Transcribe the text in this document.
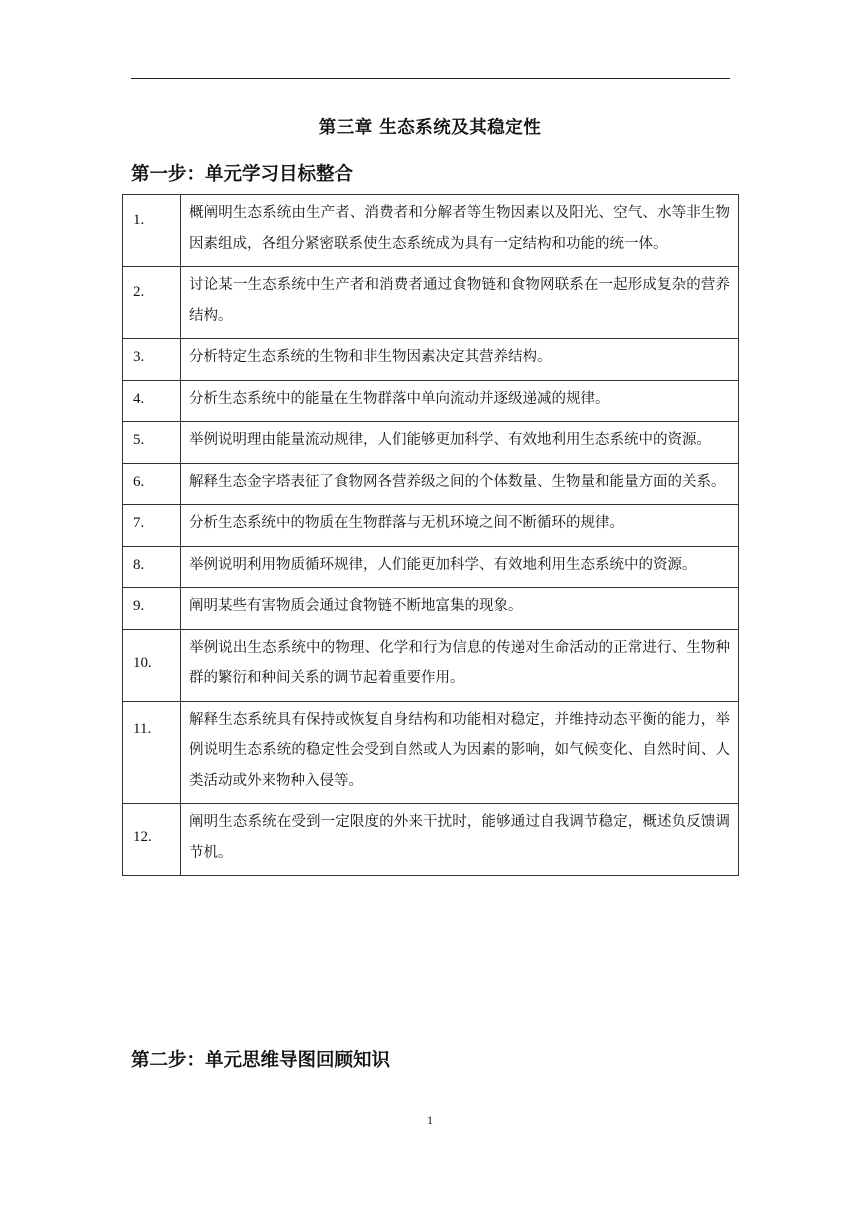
第三章 生态系统及其稳定性
第一步：单元学习目标整合
1.	概阐明生态系统由生产者、消费者和分解者等生物因素以及阳光、空气、水等非生物因素组成，各组分紧密联系使生态系统成为具有一定结构和功能的统一体。
2.	讨论某一生态系统中生产者和消费者通过食物链和食物网联系在一起形成复杂的营养结构。
3.	分析特定生态系统的生物和非生物因素决定其营养结构。
4.	分析生态系统中的能量在生物群落中单向流动并逐级递减的规律。
5.	举例说明理由能量流动规律，人们能够更加科学、有效地利用生态系统中的资源。
6.	解释生态金字塔表征了食物网各营养级之间的个体数量、生物量和能量方面的关系。
7.	分析生态系统中的物质在生物群落与无机环境之间不断循环的规律。
8.	举例说明利用物质循环规律，人们能更加科学、有效地利用生态系统中的资源。
9.	阐明某些有害物质会通过食物链不断地富集的现象。
10.	举例说出生态系统中的物理、化学和行为信息的传递对生命活动的正常进行、生物种群的繁衍和种间关系的调节起着重要作用。
11.	解释生态系统具有保持或恢复自身结构和功能相对稳定，并维持动态平衡的能力，举例说明生态系统的稳定性会受到自然或人为因素的影响，如气候变化、自然时间、人类活动或外来物种入侵等。
12.	阐明生态系统在受到一定限度的外来干扰时，能够通过自我调节稳定，概述负反馈调节机。
第二步：单元思维导图回顾知识
1
